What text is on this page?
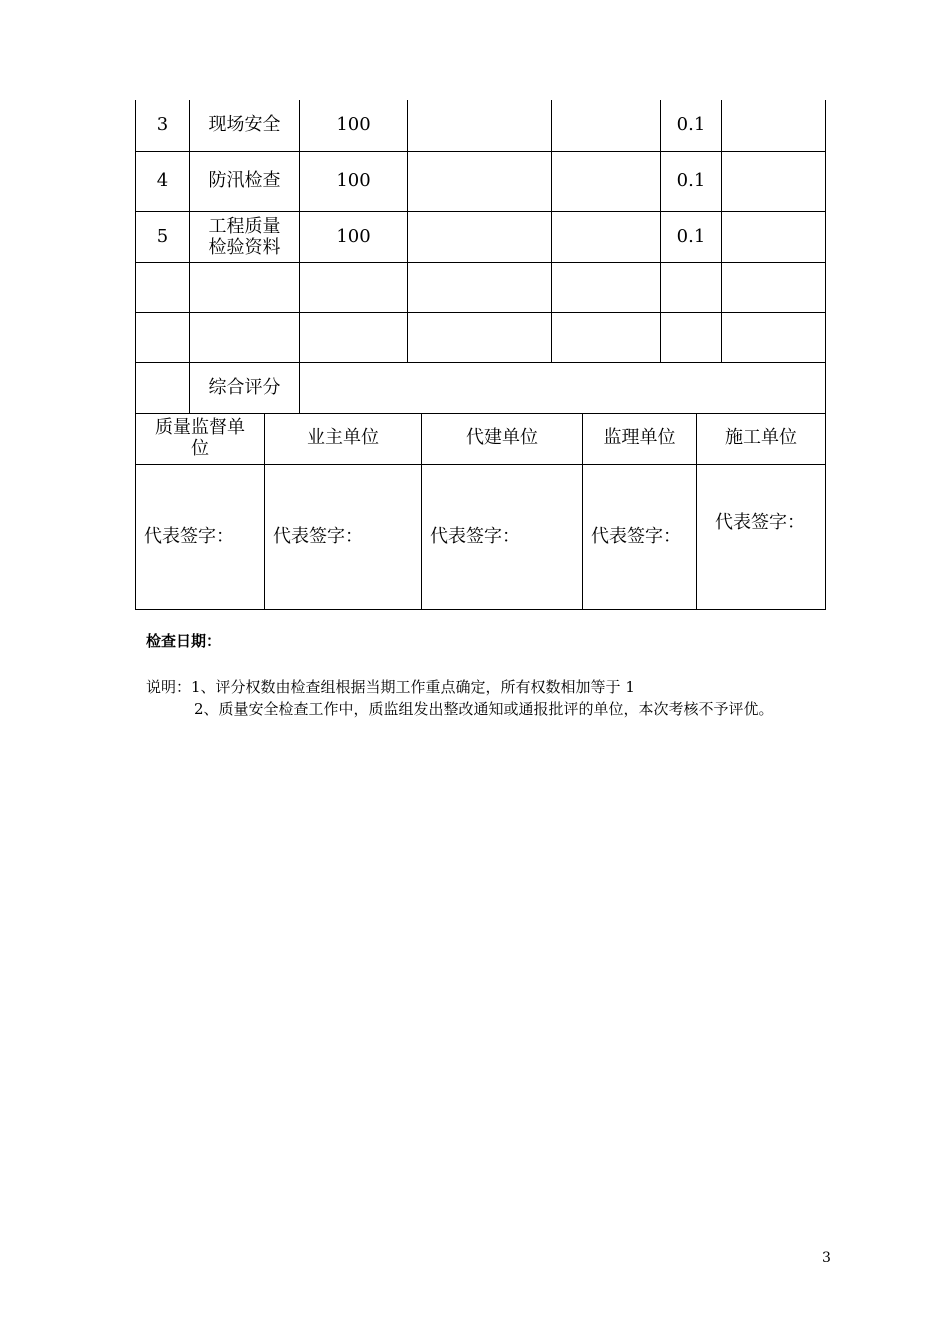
3	现场安全	100			0.1	
4	防汛检查	100			0.1	
5	工程质量检验资料	100			0.1	

	综合评分					
质量监督单位	业主单位	代建单位	监理单位	施工单位
代表签字：	代表签字：	代表签字：	代表签字：	代表签字：
检查日期：
说明：1、评分权数由检查组根据当期工作重点确定，所有权数相加等于 1
2、质量安全检查工作中，质监组发出整改通知或通报批评的单位，本次考核不予评优。
3
